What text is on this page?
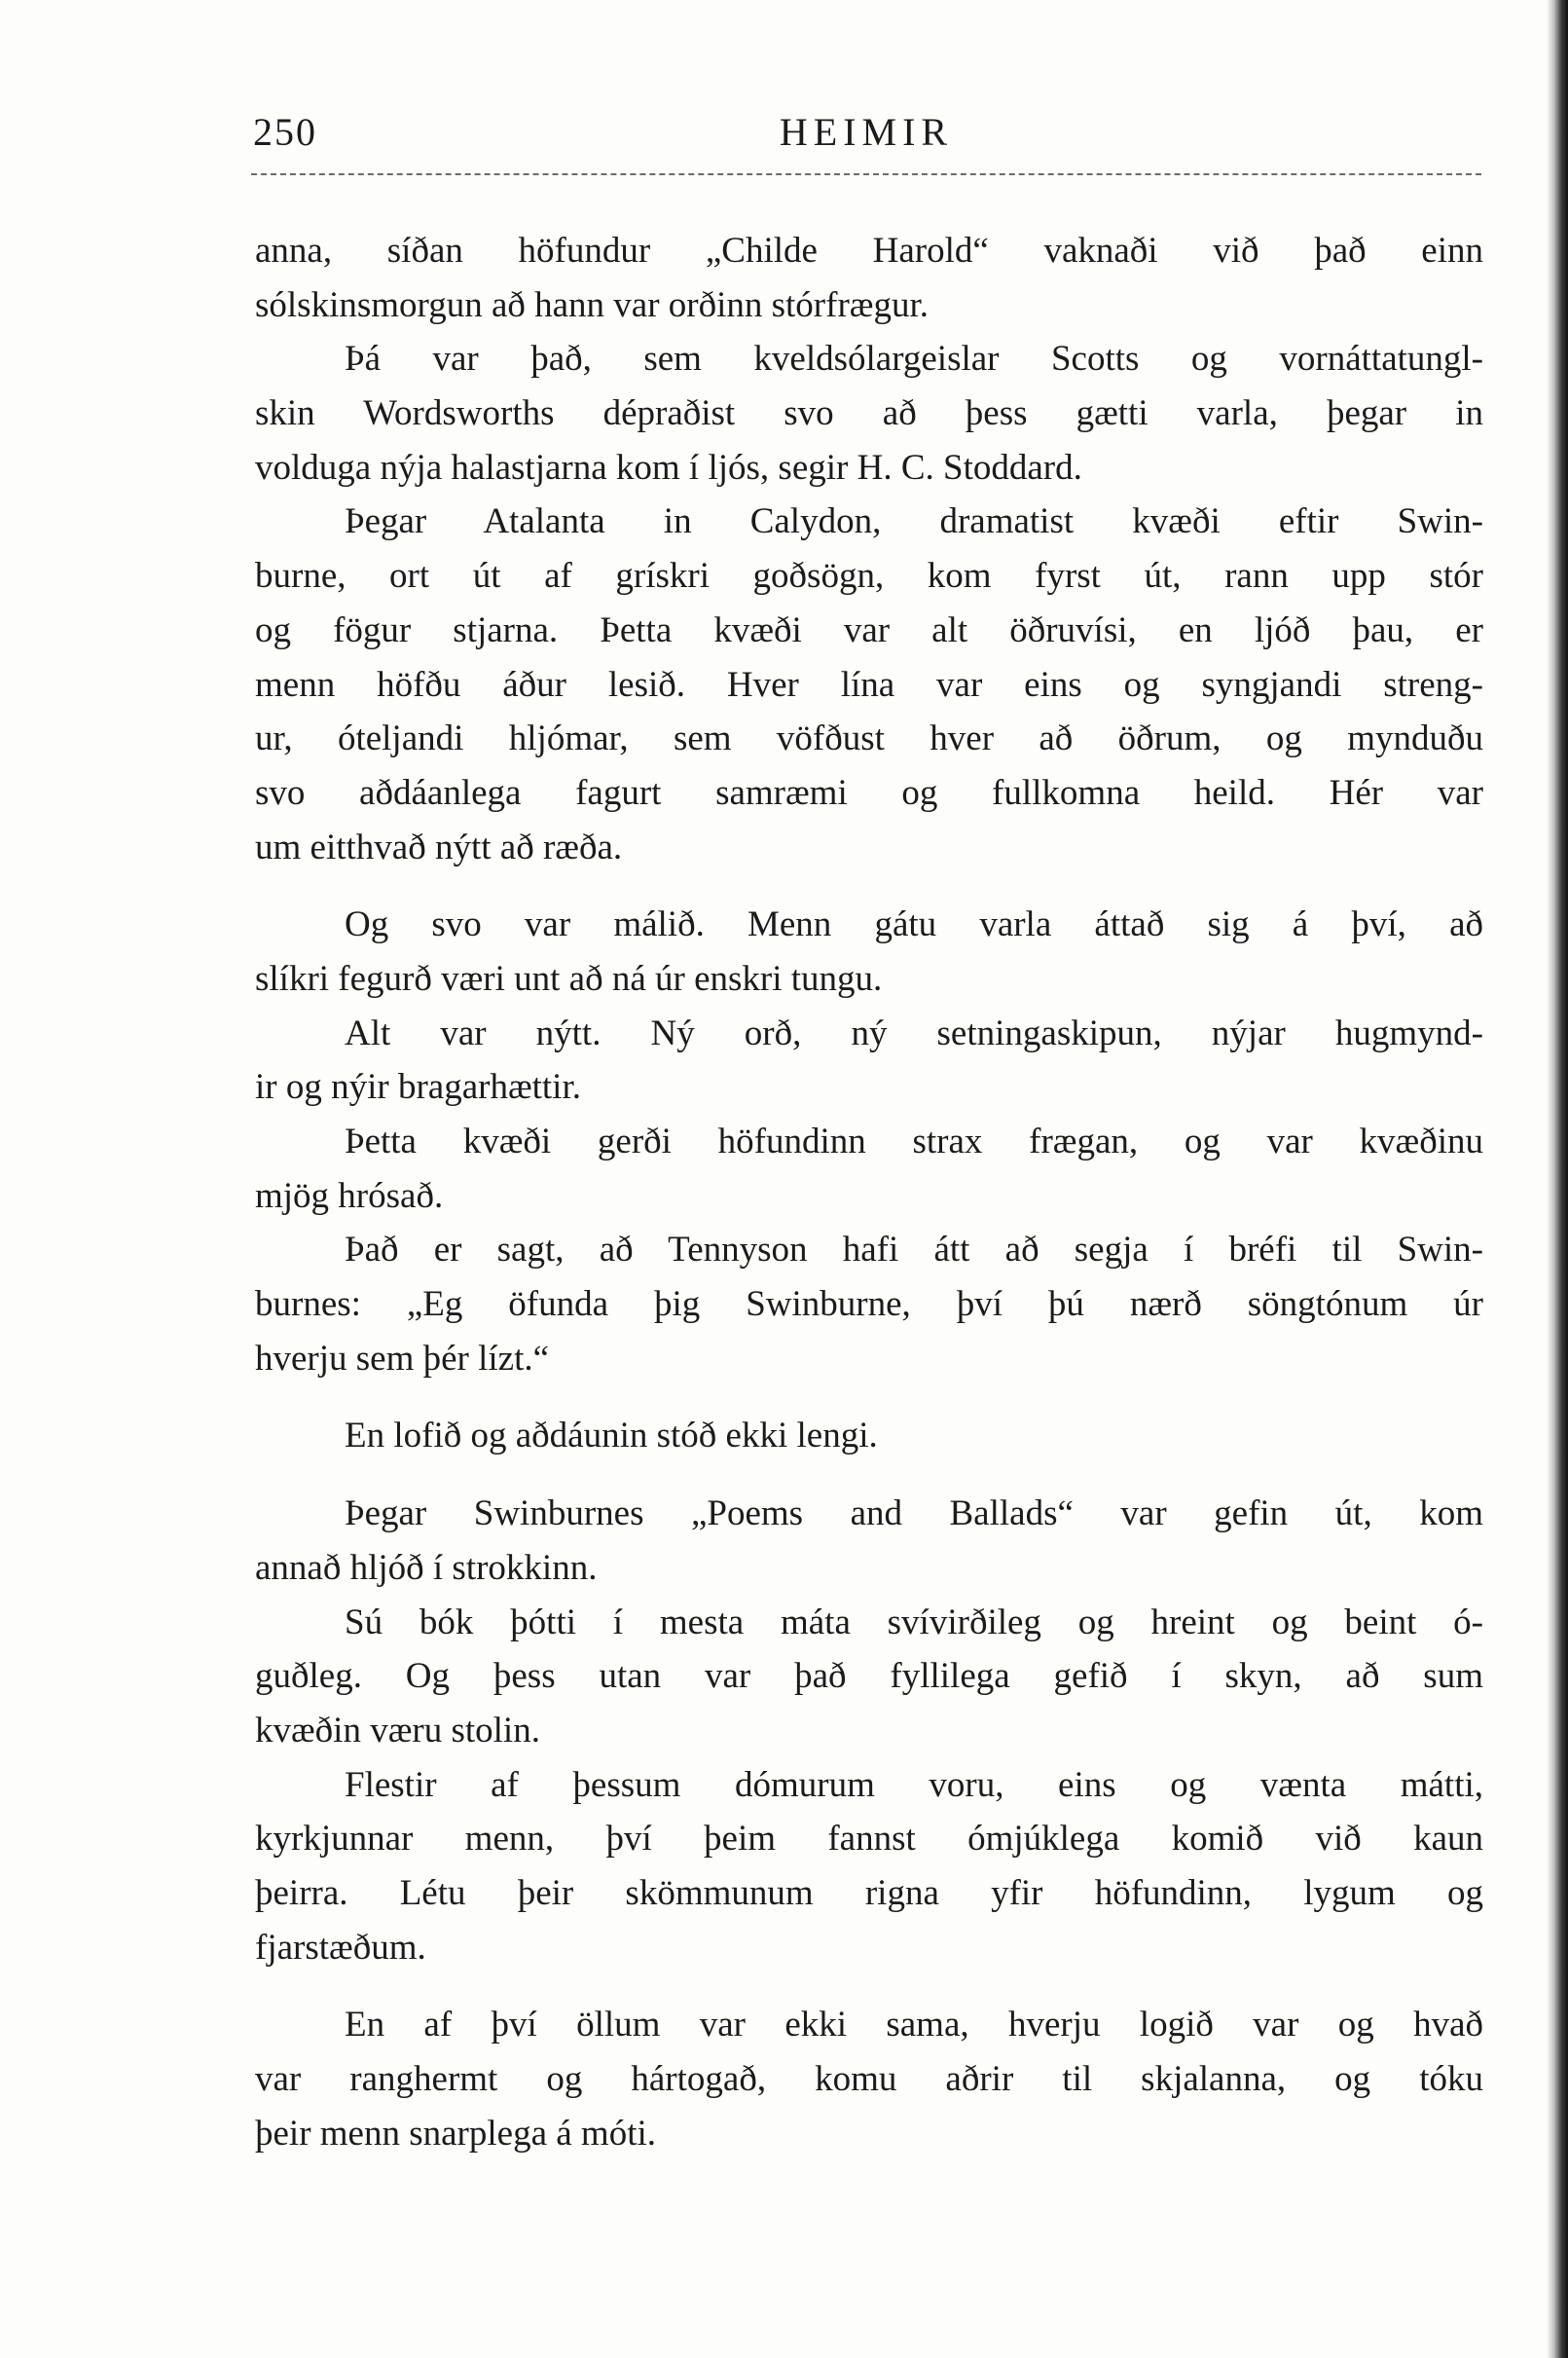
250	HEIMIR
anna, síðan höfundur „Childe Harold“ vaknaði við það einn
sólskinsmorgun að hann var orðinn stórfrægur.
Þá var það, sem kveldsólargeislar Scotts og vornáttatungl-
skin Wordsworths dépraðist svo að þess gætti varla, þegar in
volduga nýja halastjarna kom í ljós, segir H. C. Stoddard.
Þegar Atalanta in Calydon, dramatist kvæði eftir Swin-
burne, ort út af grískri goðsögn, kom fyrst út, rann upp stór
og fögur stjarna. Þetta kvæði var alt öðruvísi, en ljóð þau, er
menn höfðu áður lesið. Hver lína var eins og syngjandi streng-
ur, óteljandi hljómar, sem vöfðust hver að öðrum, og mynduðu
svo aðdáanlega fagurt samræmi og fullkomna heild. Hér var
um eitthvað nýtt að ræða.
Og svo var málið. Menn gátu varla áttað sig á því, að
slíkri fegurð væri unt að ná úr enskri tungu.
Alt var nýtt. Ný orð, ný setningaskipun, nýjar hugmynd-
ir og nýir bragarhættir.
Þetta kvæði gerði höfundinn strax frægan, og var kvæðinu
mjög hrósað.
Það er sagt, að Tennyson hafi átt að segja í bréfi til Swin-
burnes: „Eg öfunda þig Swinburne, því þú nærð söngtónum úr
hverju sem þér lízt.“
En lofið og aðdáunin stóð ekki lengi.
Þegar Swinburnes „Poems and Ballads“ var gefin út, kom
annað hljóð í strokkinn.
Sú bók þótti í mesta máta svívirðileg og hreint og beint ó-
guðleg. Og þess utan var það fyllilega gefið í skyn, að sum
kvæðin væru stolin.
Flestir af þessum dómurum voru, eins og vænta mátti,
kyrkjunnar menn, því þeim fannst ómjúklega komið við kaun
þeirra. Létu þeir skömmunum rigna yfir höfundinn, lygum og
fjarstæðum.
En af því öllum var ekki sama, hverju logið var og hvað
var ranghermt og hártogað, komu aðrir til skjalanna, og tóku
þeir menn snarplega á móti.
